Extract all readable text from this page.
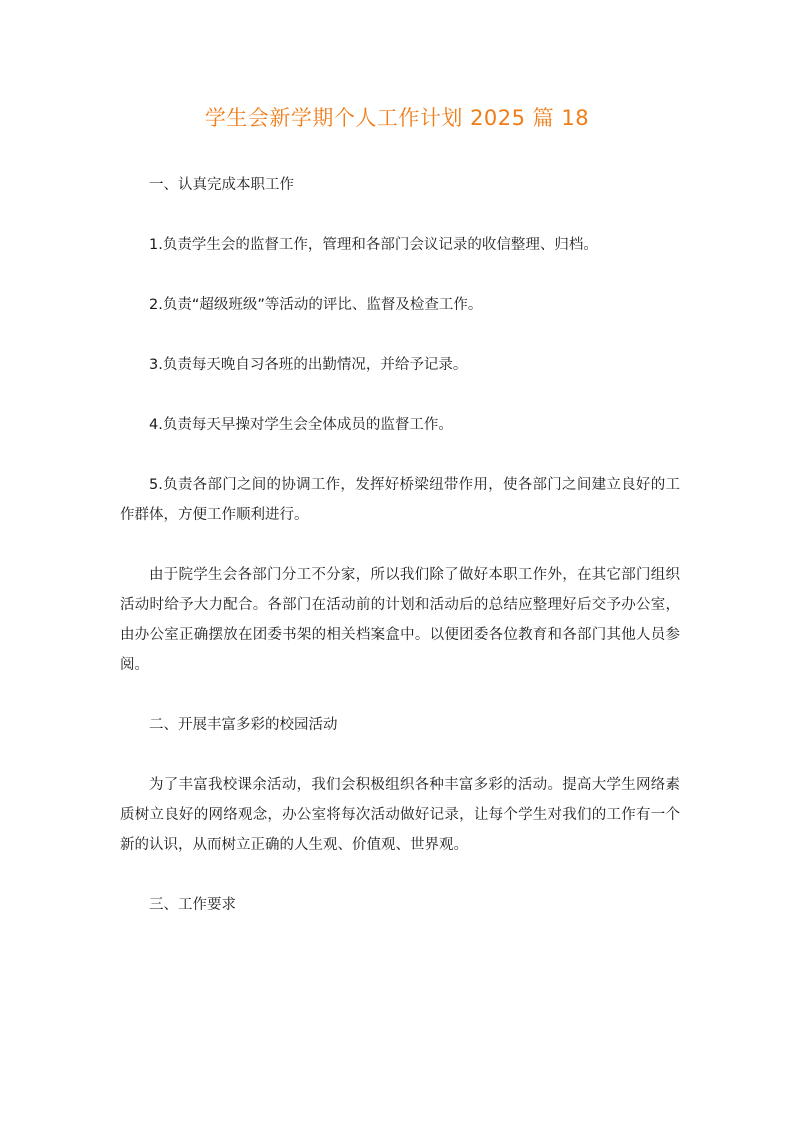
学生会新学期个人工作计划 2025 篇 18

一、认真完成本职工作

1.负责学生会的监督工作，管理和各部门会议记录的收信整理、归档。

2.负责“超级班级”等活动的评比、监督及检查工作。

3.负责每天晚自习各班的出勤情况，并给予记录。

4.负责每天早操对学生会全体成员的监督工作。

5.负责各部门之间的协调工作，发挥好桥梁纽带作用，使各部门之间建立良好的工作群体，方便工作顺利进行。

由于院学生会各部门分工不分家，所以我们除了做好本职工作外，在其它部门组织活动时给予大力配合。各部门在活动前的计划和活动后的总结应整理好后交予办公室，由办公室正确摆放在团委书架的相关档案盒中。以便团委各位教育和各部门其他人员参阅。

二、开展丰富多彩的校园活动

为了丰富我校课余活动，我们会积极组织各种丰富多彩的活动。提高大学生网络素质树立良好的网络观念，办公室将每次活动做好记录，让每个学生对我们的工作有一个新的认识，从而树立正确的人生观、价值观、世界观。

三、工作要求
